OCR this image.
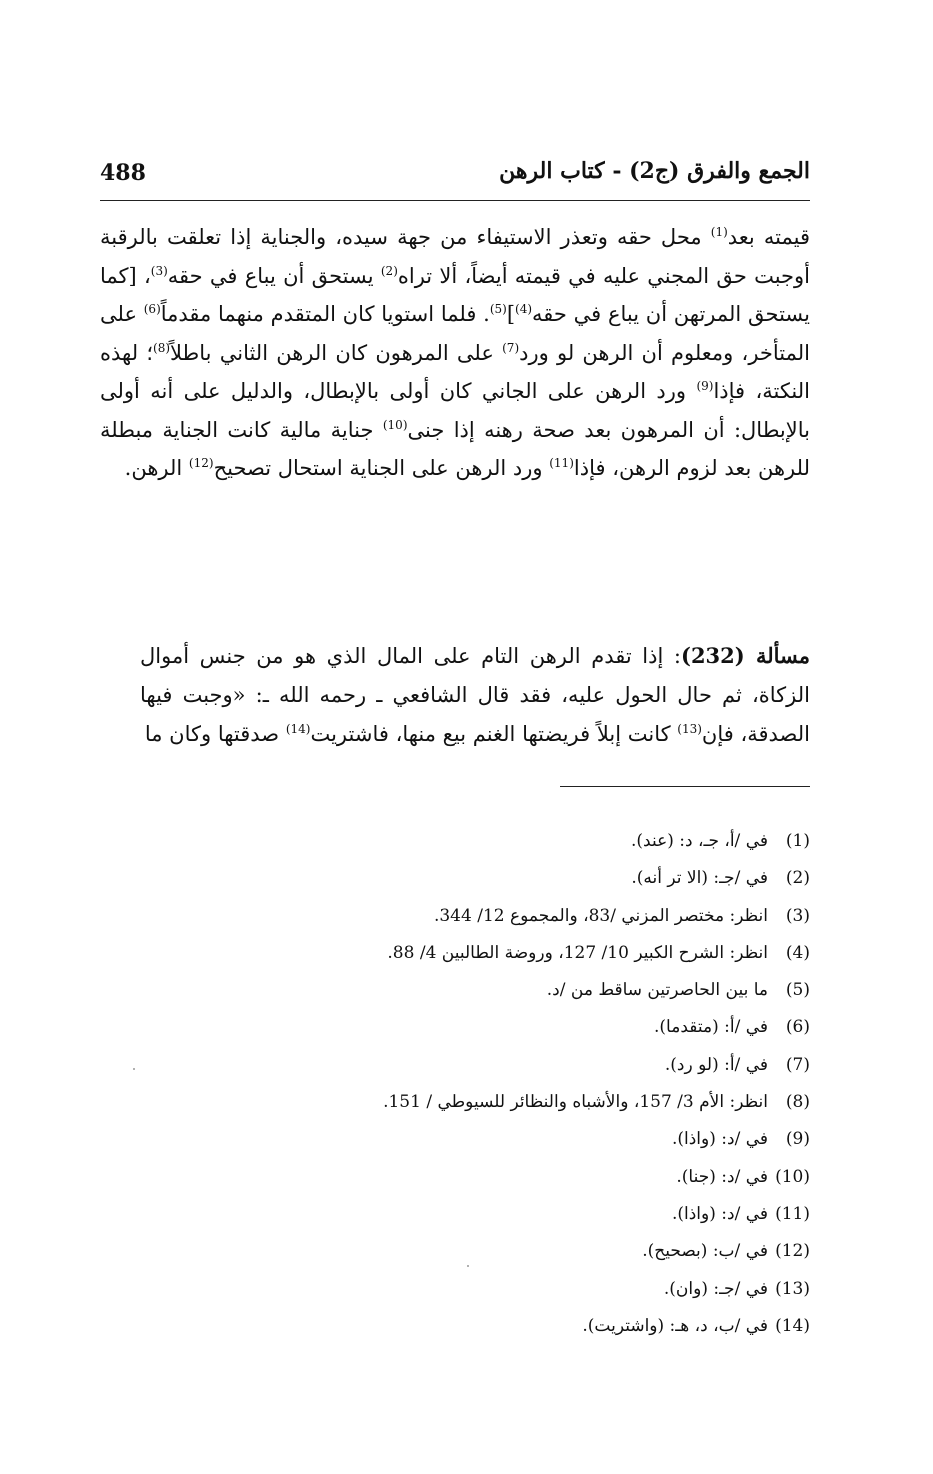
488	الجمع والفرق (ج2) - كتاب الرهن

قيمته بعد$^{(1)}$ محل حقه وتعذر الاستيفاء من جهة سيده، والجناية إذا تعلقت بالرقبة أوجبت حق المجني عليه في قيمته أيضاً، ألا تراه$^{(2)}$ يستحق أن يباع في حقه$^{(3)}$، [كما يستحق المرتهن أن يباع في حقه$^{(4)}$]$^{(5)}$. فلما استويا كان المتقدم منهما مقدماً$^{(6)}$ على المتأخر، ومعلوم أن الرهن لو ورد$^{(7)}$ على المرهون كان الرهن الثاني باطلاً$^{(8)}$؛ لهذه النكتة، فإذا$^{(9)}$ ورد الرهن على الجاني كان أولى بالإبطال، والدليل على أنه أولى بالإبطال: أن المرهون بعد صحة رهنه إذا جنى$^{(10)}$ جناية مالية كانت الجناية مبطلة للرهن بعد لزوم الرهن، فإذا$^{(11)}$ ورد الرهن على الجناية استحال تصحيح$^{(12)}$ الرهن.

مسألة (232): إذا تقدم الرهن التام على المال الذي هو من جنس أموال الزكاة، ثم حال الحول عليه، فقد قال الشافعي ـ رحمه الله ـ: «وجبت فيها الصدقة، فإن$^{(13)}$ كانت إبلاً فريضتها الغنم بيع منها، فاشتريت$^{(14)}$ صدقتها وكان ما

(1)في /أ، جـ، د: (عند).
(2)في /جـ: (الا تر أنه).
(3)انظر: مختصر المزني /83، والمجموع 12/ 344.
(4)انظر: الشرح الكبير 10/ 127، وروضة الطالبين 4/ 88.
(5)ما بين الحاصرتين ساقط من /د.
(6)في /أ: (متقدما).
(7)في /أ: (لو رد).
(8)انظر: الأم 3/ 157، والأشباه والنظائر للسيوطي / 151.
(9)في /د: (واذا).
(10)في /د: (جنا).
(11)في /د: (واذا).
(12)في /ب: (بصحيح).
(13)في /جـ: (وان).
(14)في /ب، د، هـ: (واشتريت).
